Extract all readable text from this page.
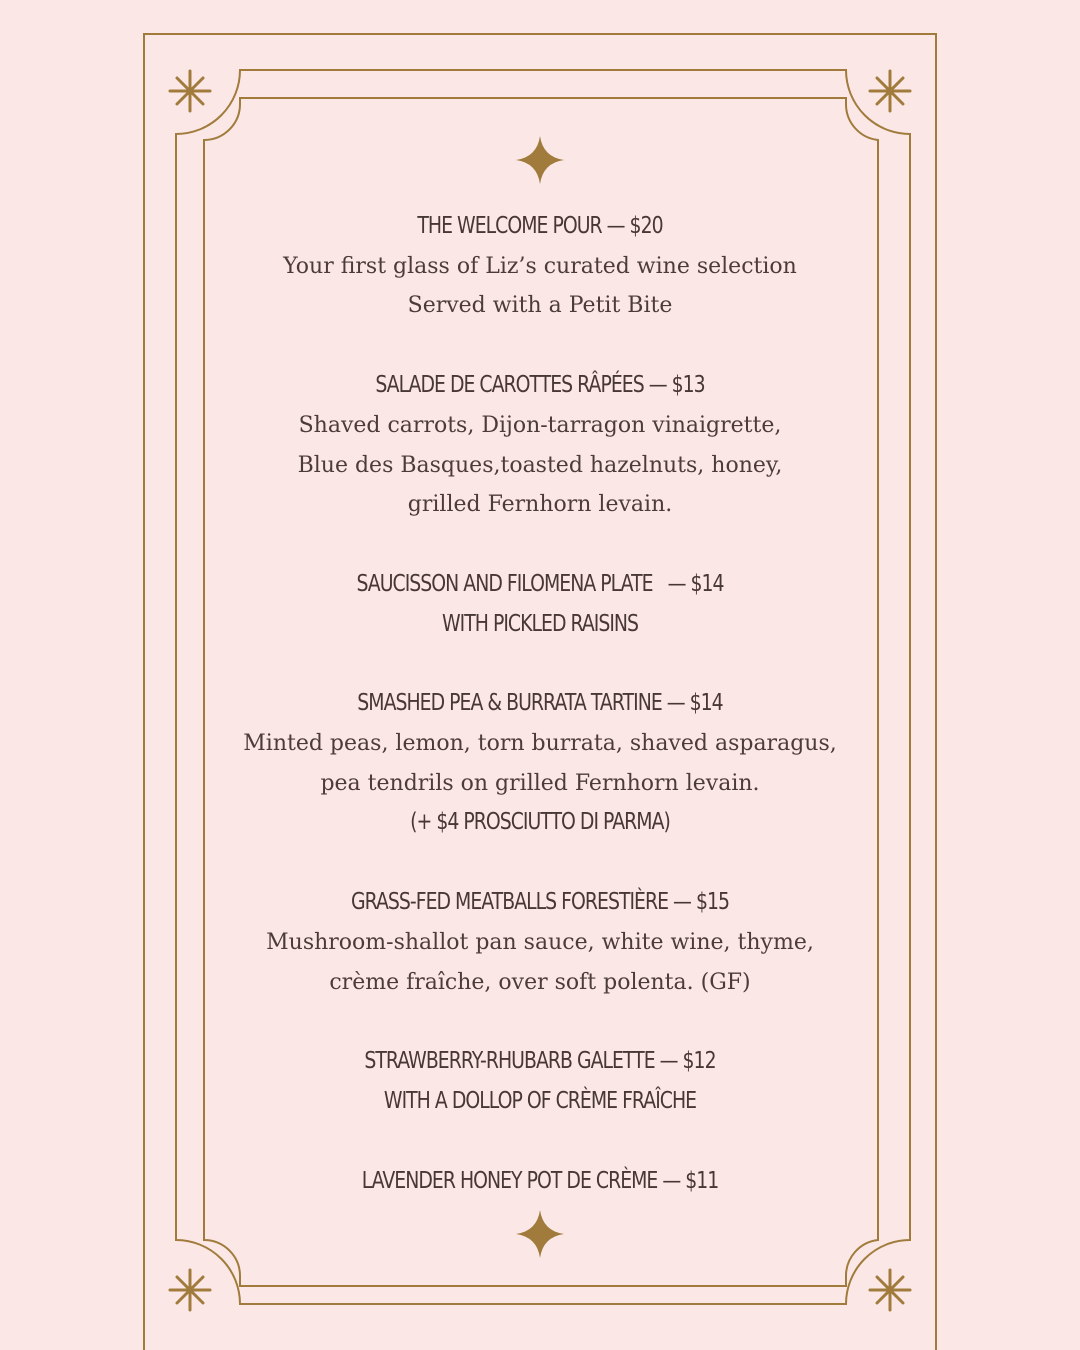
THE WELCOME POUR — $20
Your first glass of Liz’s curated wine selection
Served with a Petit Bite
SALADE DE CAROTTES RÂPÉES — $13
Shaved carrots, Dijon-tarragon vinaigrette,
Blue des Basques,toasted hazelnuts, honey,
grilled Fernhorn levain.
SAUCISSON AND FILOMENA PLATE   — $14
WITH PICKLED RAISINS
SMASHED PEA & BURRATA TARTINE — $14
Minted peas, lemon, torn burrata, shaved asparagus,
pea tendrils on grilled Fernhorn levain.
(+ $4 PROSCIUTTO DI PARMA)
GRASS-FED MEATBALLS FORESTIÈRE — $15
Mushroom-shallot pan sauce, white wine, thyme,
crème fraîche, over soft polenta. (GF)
STRAWBERRY-RHUBARB GALETTE — $12
WITH A DOLLOP OF CRÈME FRAÎCHE
LAVENDER HONEY POT DE CRÈME — $11
